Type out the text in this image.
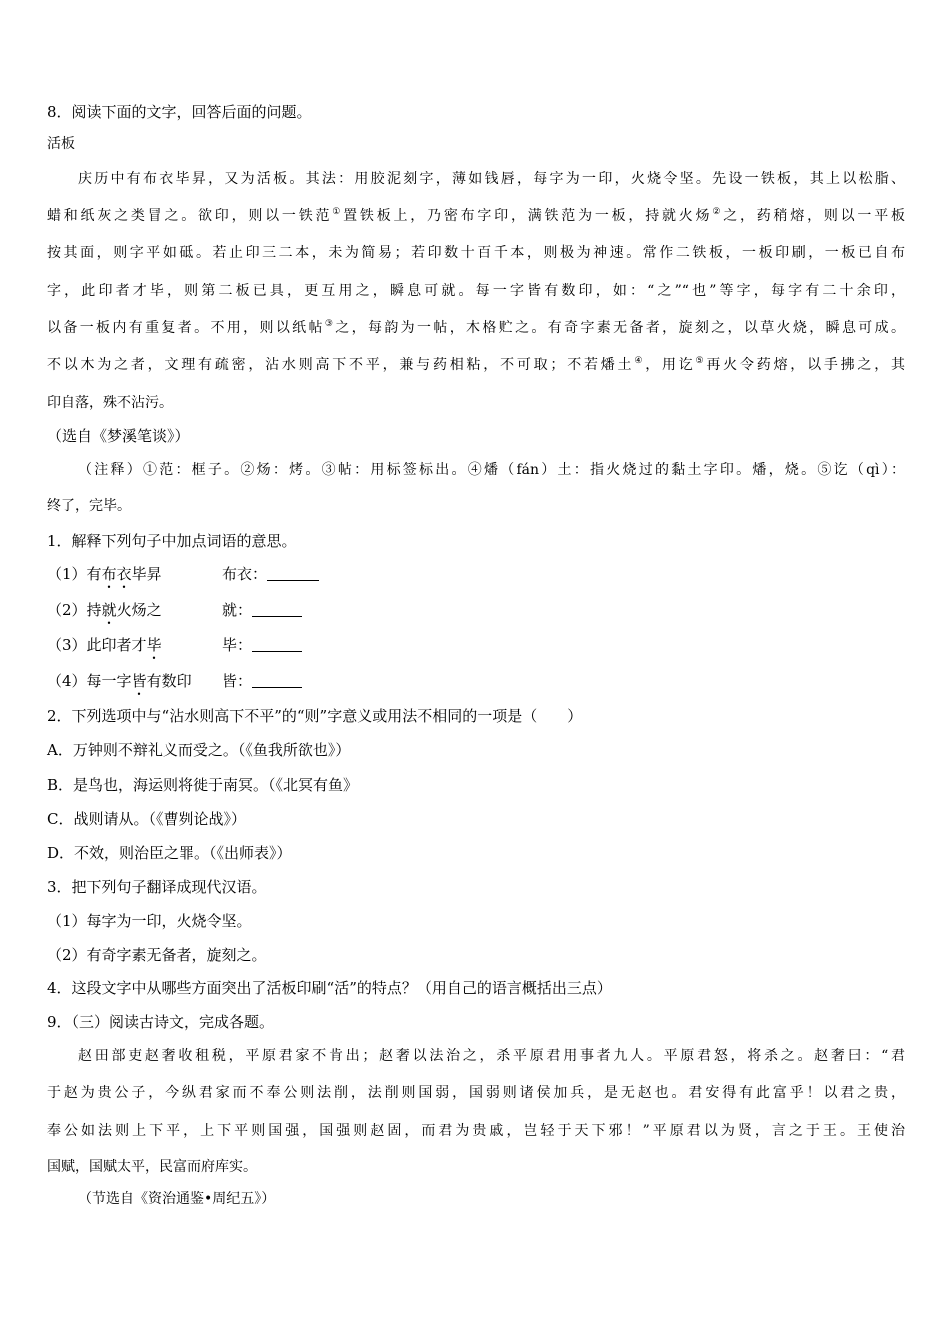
8．阅读下面的文字，回答后面的问题。
活板
庆历中有布衣毕昇，又为活板。其法：用胶泥刻字，薄如钱唇，每字为一印，火烧令坚。先设一铁板，其上以松脂、
蜡和纸灰之类冒之。欲印，则以一铁范①置铁板上，乃密布字印，满铁范为一板，持就火炀②之，药稍熔，则以一平板
按其面，则字平如砥。若止印三二本，未为简易；若印数十百千本，则极为神速。常作二铁板，一板印刷，一板已自布
字，此印者才毕，则第二板已具，更互用之，瞬息可就。每一字皆有数印，如：“之”“也”等字，每字有二十余印，
以备一板内有重复者。不用，则以纸帖③之，每韵为一帖，木格贮之。有奇字素无备者，旋刻之，以草火烧，瞬息可成。
不以木为之者，文理有疏密，沾水则高下不平，兼与药相粘，不可取；不若燔土④，用讫⑤再火令药熔，以手拂之，其
印自落，殊不沾污。
（选自《梦溪笔谈》）
（注释）①范：框子。②炀：烤。③帖：用标签标出。④燔（fán）土：指火烧过的黏土字印。燔，烧。⑤讫（qì）：
终了，完毕。
1．解释下列句子中加点词语的意思。
（1）有布衣毕昇	布衣：
（2）持就火炀之	就：
（3）此印者才毕	毕：
（4）每一字皆有数印 皆：
2．下列选项中与“沾水则高下不平”的“则”字意义或用法不相同的一项是（　　）
A．万钟则不辩礼义而受之。（《鱼我所欲也》）
B．是鸟也，海运则将徙于南冥。（《北冥有鱼》
C．战则请从。（《曹刿论战》）
D．不效，则治臣之罪。（《出师表》）
3．把下列句子翻译成现代汉语。
（1）每字为一印，火烧令坚。
（2）有奇字素无备者，旋刻之。
4．这段文字中从哪些方面突出了活板印刷“活”的特点？（用自己的语言概括出三点）
9．（三）阅读古诗文，完成各题。
赵田部吏赵奢收租税，平原君家不肯出；赵奢以法治之，杀平原君用事者九人。平原君怒，将杀之。赵奢曰：“君
于赵为贵公子，今纵君家而不奉公则法削，法削则国弱，国弱则诸侯加兵，是无赵也。君安得有此富乎！以君之贵，
奉公如法则上下平，上下平则国强，国强则赵固，而君为贵戚，岂轻于天下邪！”平原君以为贤，言之于王。王使治
国赋，国赋太平，民富而府库实。
（节选自《资治通鉴•周纪五》）
